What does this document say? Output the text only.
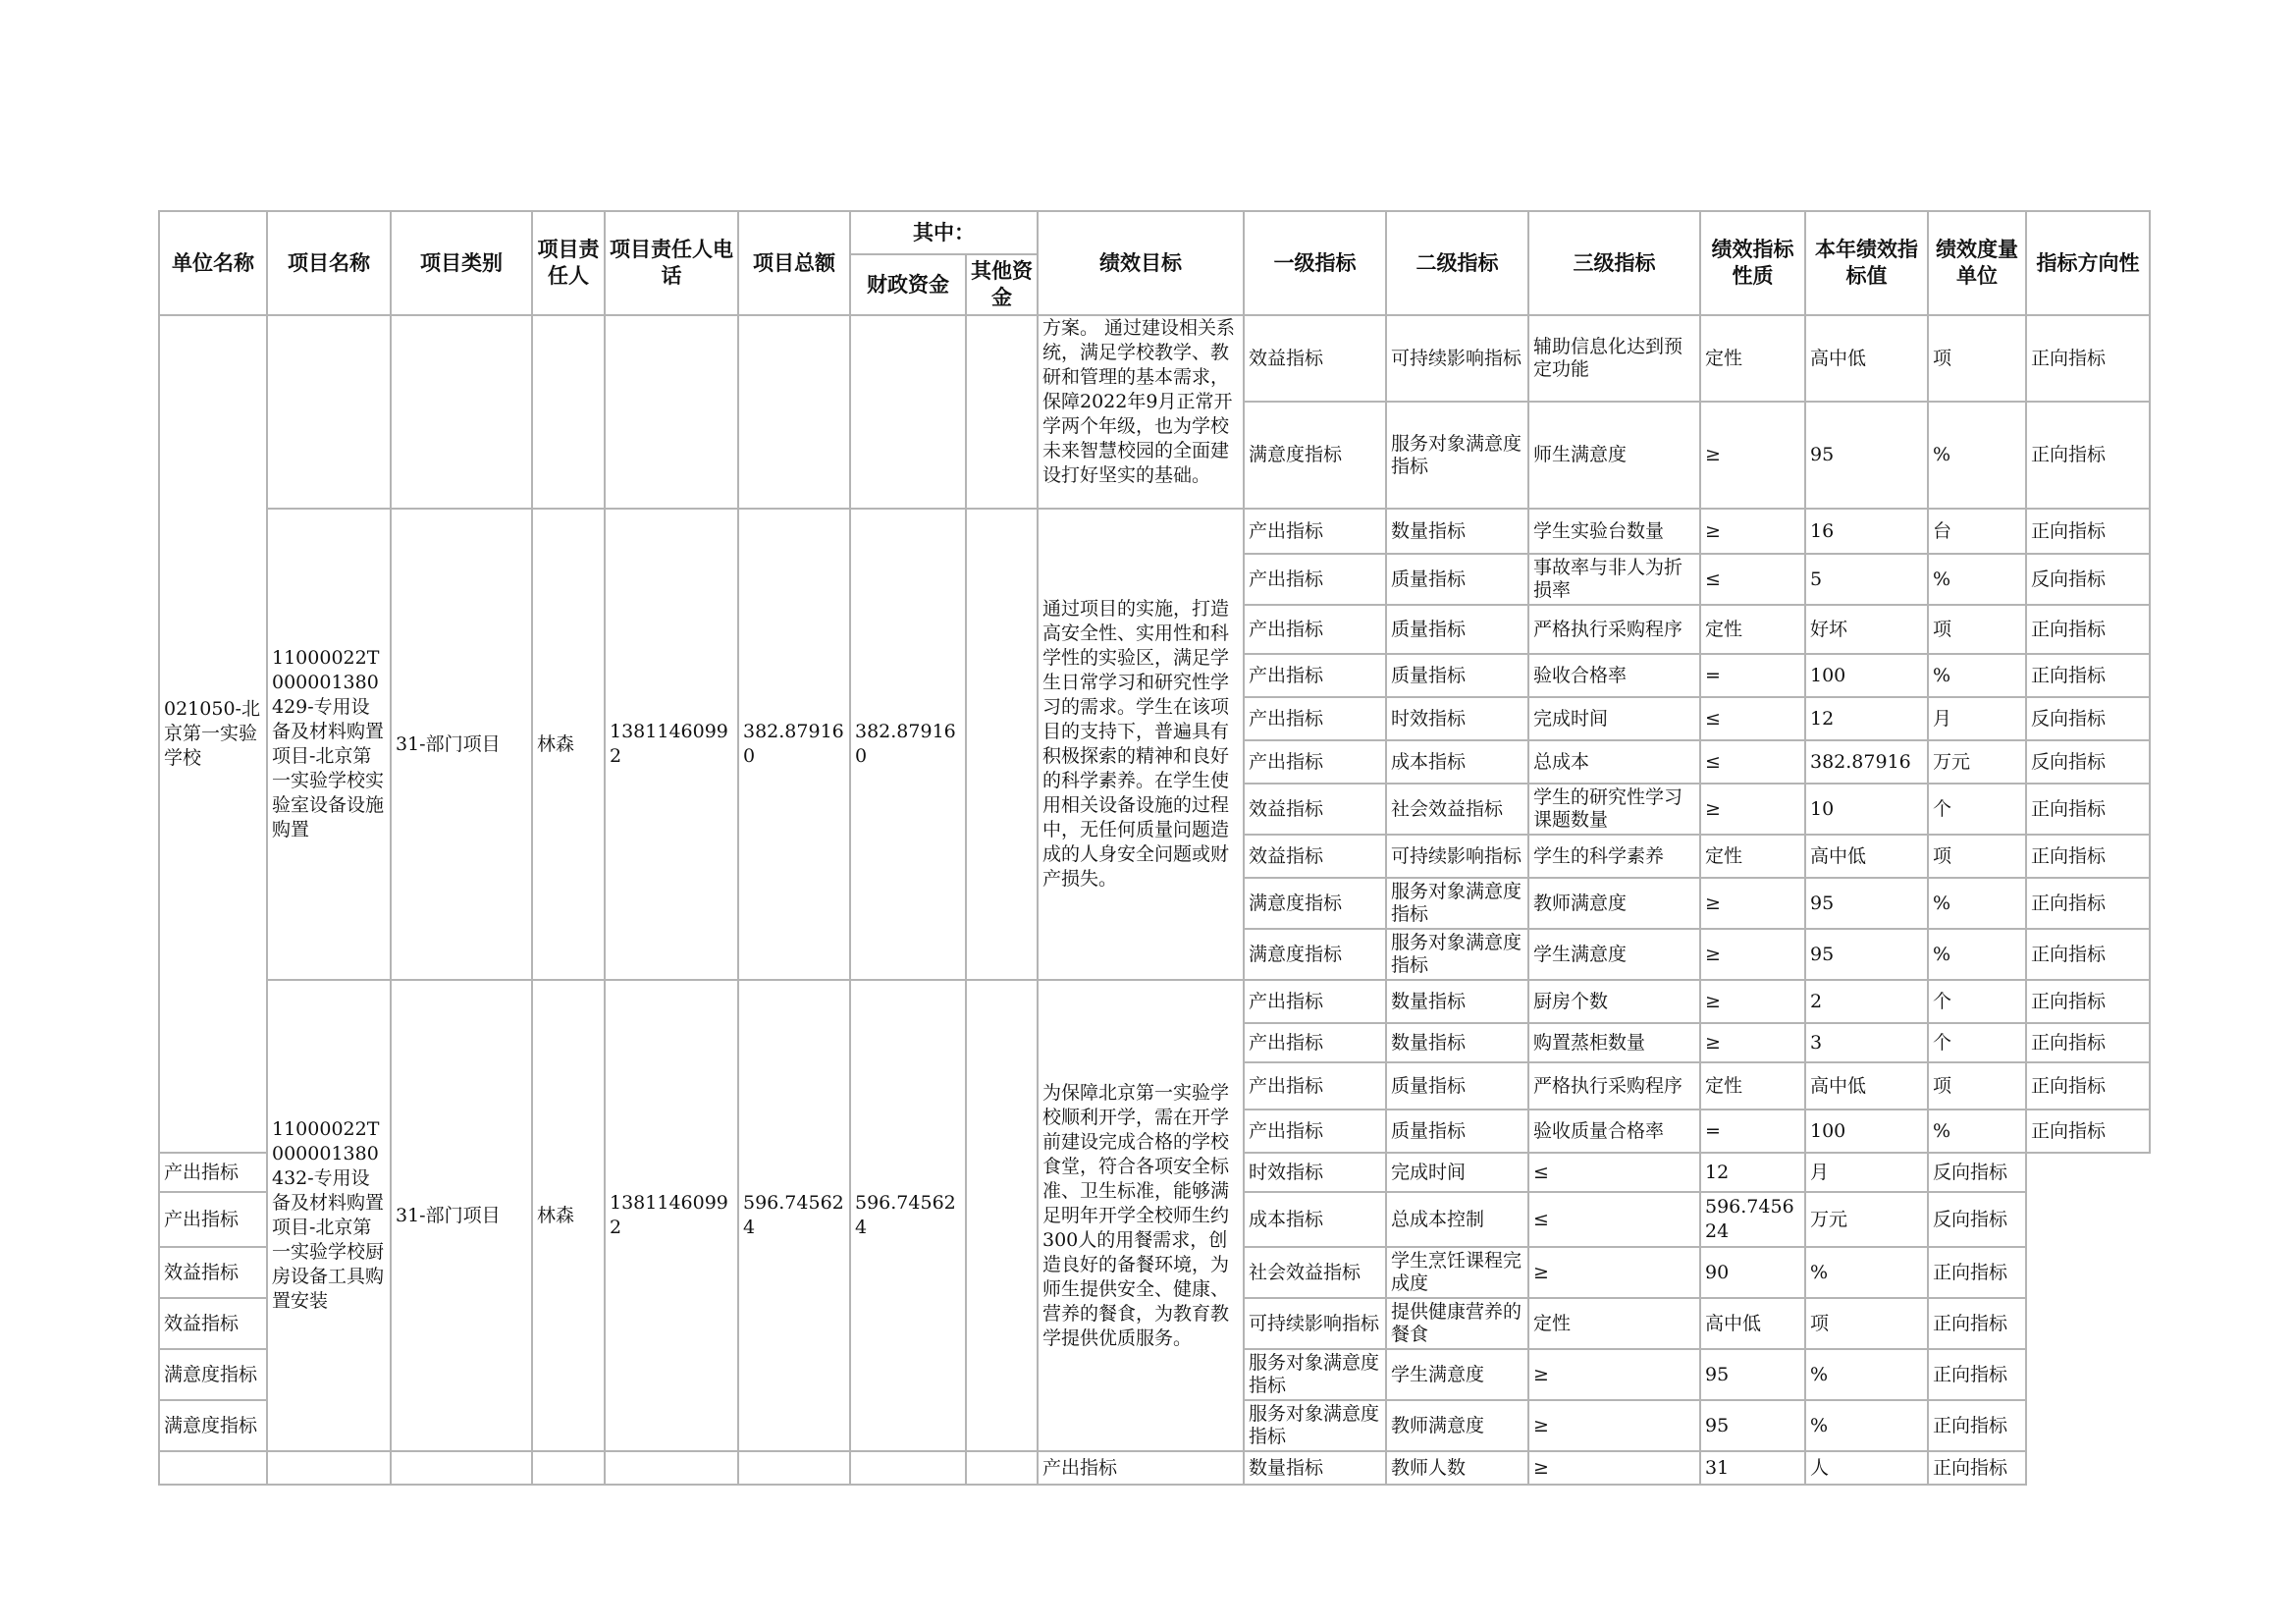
单位名称	项目名称	项目类别	项目责任人	项目责任人电话	项目总额	其中：		绩效目标	一级指标	二级指标	三级指标	绩效指标性质	本年绩效指标值	绩效度量单位	指标方向性
						财政资金	其他资金								
021050-北京第一实验学校								方案。 通过建设相关系统，满足学校教学、教研和管理的基本需求，保障2022年9月正常开学两个年级，也为学校未来智慧校园的全面建设打好坚实的基础。	效益指标	可持续影响指标	辅助信息化达到预定功能	定性	高中低	项	正向指标
									满意度指标	服务对象满意度指标	师生满意度	≥	95	%	正向指标
	11000022T000001380429-专用设备及材料购置项目-北京第一实验学校实验室设备设施购置	31-部门项目	林森	13811460992	382.879160	382.879160		通过项目的实施，打造高安全性、实用性和科学性的实验区，满足学生日常学习和研究性学习的需求。学生在该项目的支持下，普遍具有积极探索的精神和良好的科学素养。在学生使用相关设备设施的过程中，无任何质量问题造成的人身安全问题或财产损失。	产出指标	数量指标	学生实验台数量	≥	16	台	正向指标
									产出指标	质量指标	事故率与非人为折损率	≤	5	%	反向指标
									产出指标	质量指标	严格执行采购程序	定性	好坏	项	正向指标
									产出指标	质量指标	验收合格率	=	100	%	正向指标
									产出指标	时效指标	完成时间	≤	12	月	反向指标
									产出指标	成本指标	总成本	≤	382.87916	万元	反向指标
									效益指标	社会效益指标	学生的研究性学习课题数量	≥	10	个	正向指标
									效益指标	可持续影响指标	学生的科学素养	定性	高中低	项	正向指标
									满意度指标	服务对象满意度指标	教师满意度	≥	95	%	正向指标
									满意度指标	服务对象满意度指标	学生满意度	≥	95	%	正向指标
	11000022T000001380432-专用设备及材料购置项目-北京第一实验学校厨房设备工具购置安装	31-部门项目	林森	13811460992	596.745624	596.745624		为保障北京第一实验学校顺利开学，需在开学前建设完成合格的学校食堂，符合各项安全标准、卫生标准，能够满足明年开学全校师生约300人的用餐需求，创造良好的备餐环境，为师生提供安全、健康、营养的餐食，为教育教学提供优质服务。	产出指标	数量指标	厨房个数	≥	2	个	正向指标
									产出指标	数量指标	购置蒸柜数量	≥	3	个	正向指标
									产出指标	质量指标	严格执行采购程序	定性	高中低	项	正向指标
									产出指标	质量指标	验收质量合格率	=	100	%	正向指标
产出指标									时效指标	完成时间	≤	12	月	反向指标	
产出指标									成本指标	总成本控制	≤	596.745624	万元	反向指标	
效益指标									社会效益指标	学生烹饪课程完成度	≥	90	%	正向指标	
效益指标									可持续影响指标	提供健康营养的餐食	定性	高中低	项	正向指标	
满意度指标									服务对象满意度指标	学生满意度	≥	95	%	正向指标	
满意度指标									服务对象满意度指标	教师满意度	≥	95	%	正向指标	
								产出指标	数量指标	教师人数	≥	31	人	正向指标	
